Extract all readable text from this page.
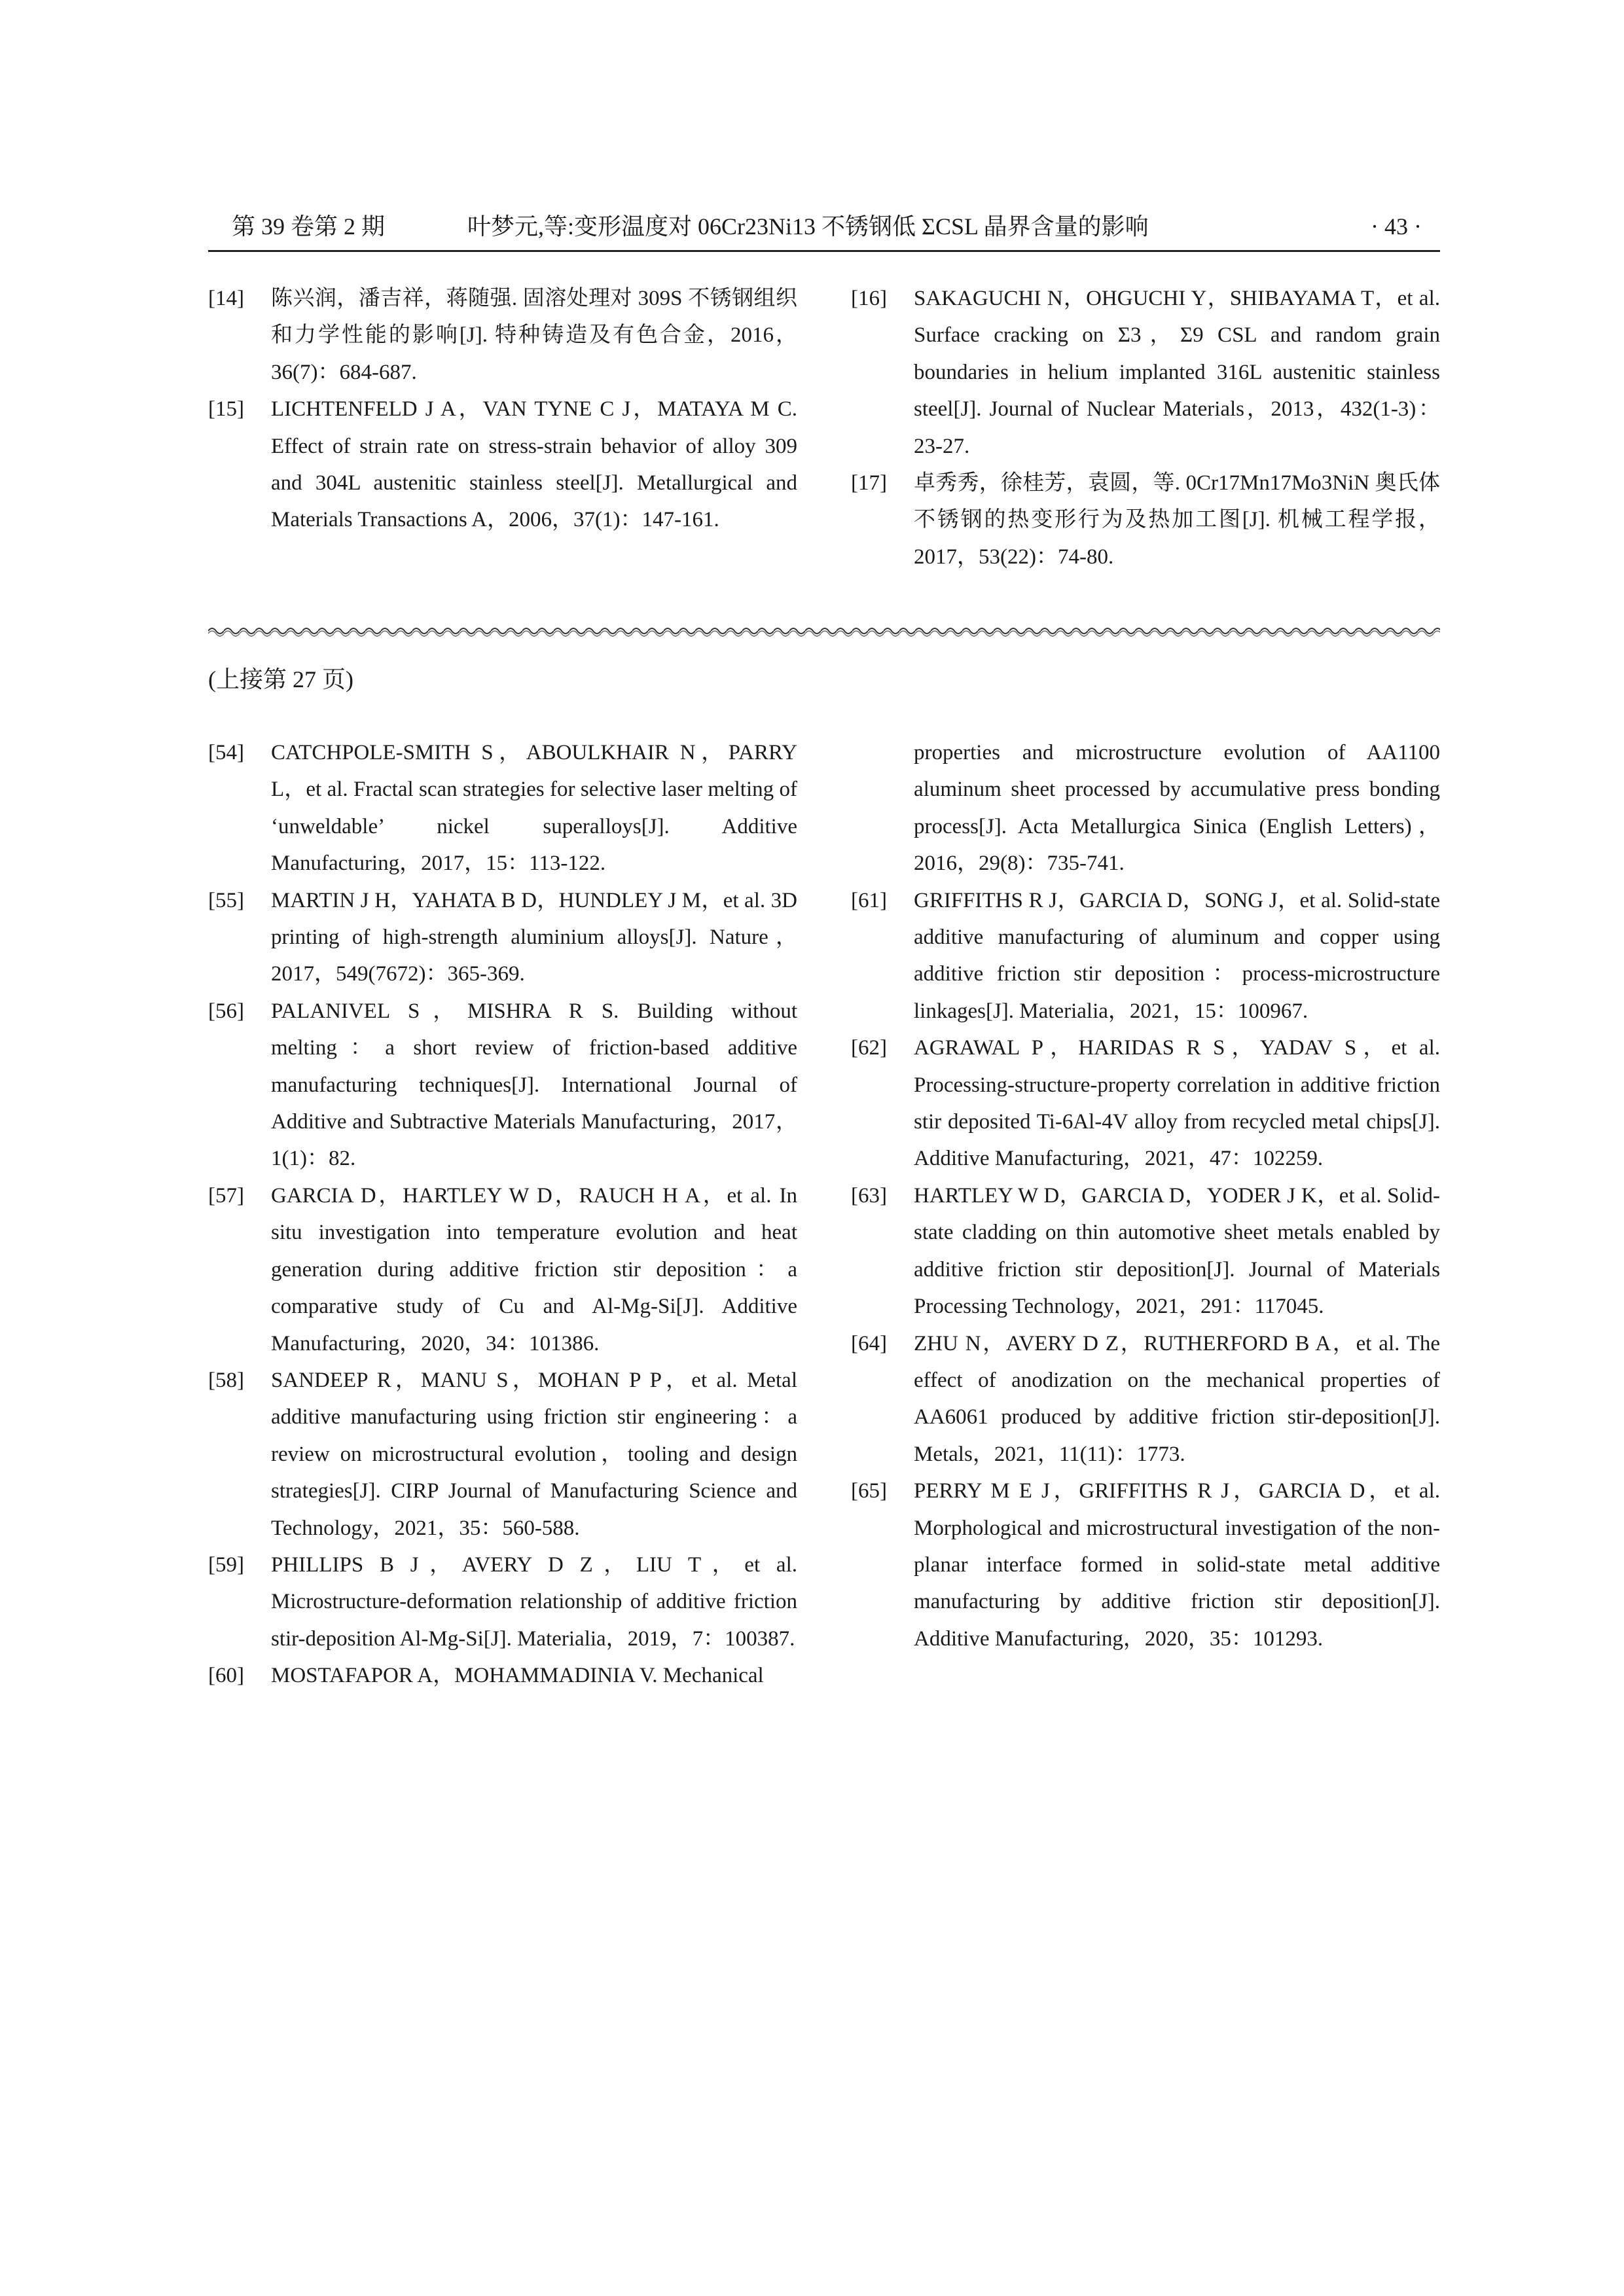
第 39 卷第 2 期	叶梦元,等:变形温度对 06Cr23Ni13 不锈钢低 ΣCSL 晶界含量的影响	· 43 ·
[14]	陈兴润，潘吉祥，蒋随强. 固溶处理对 309S 不锈钢组织和力学性能的影响[J]. 特种铸造及有色合金，2016，36(7)：684-687.
[15]	LICHTENFELD J A，VAN TYNE C J，MATAYA M C. Effect of strain rate on stress-strain behavior of alloy 309 and 304L austenitic stainless steel[J]. Metallurgical and Materials Transactions A，2006，37(1)：147-161.
[16]	SAKAGUCHI N，OHGUCHI Y，SHIBAYAMA T，et al. Surface cracking on Σ3，Σ9 CSL and random grain boundaries in helium implanted 316L austenitic stainless steel[J]. Journal of Nuclear Materials，2013，432(1-3)：23-27.
[17]	卓秀秀，徐桂芳，袁圆，等. 0Cr17Mn17Mo3NiN 奥氏体不锈钢的热变形行为及热加工图[J]. 机械工程学报，2017，53(22)：74-80.
(上接第 27 页)
[54]	CATCHPOLE-SMITH S，ABOULKHAIR N，PARRY L，et al. Fractal scan strategies for selective laser melting of ‘unweldable’ nickel superalloys[J]. Additive Manufacturing，2017，15：113-122.
[55]	MARTIN J H，YAHATA B D，HUNDLEY J M，et al. 3D printing of high-strength aluminium alloys[J]. Nature，2017，549(7672)：365-369.
[56]	PALANIVEL S，MISHRA R S. Building without melting：a short review of friction-based additive manufacturing techniques[J]. International Journal of Additive and Subtractive Materials Manufacturing，2017，1(1)：82.
[57]	GARCIA D，HARTLEY W D，RAUCH H A，et al. In situ investigation into temperature evolution and heat generation during additive friction stir deposition：a comparative study of Cu and Al-Mg-Si[J]. Additive Manufacturing，2020，34：101386.
[58]	SANDEEP R，MANU S，MOHAN P P，et al. Metal additive manufacturing using friction stir engineering：a review on microstructural evolution，tooling and design strategies[J]. CIRP Journal of Manufacturing Science and Technology，2021，35：560-588.
[59]	PHILLIPS B J，AVERY D Z，LIU T，et al. Microstructure-deformation relationship of additive friction stir-deposition Al-Mg-Si[J]. Materialia，2019，7：100387.
[60]	MOSTAFAPOR A，MOHAMMADINIA V. Mechanical
properties and microstructure evolution of AA1100 aluminum sheet processed by accumulative press bonding process[J]. Acta Metallurgica Sinica (English Letters)，2016，29(8)：735-741.
[61]	GRIFFITHS R J，GARCIA D，SONG J，et al. Solid-state additive manufacturing of aluminum and copper using additive friction stir deposition：process-microstructure linkages[J]. Materialia，2021，15：100967.
[62]	AGRAWAL P，HARIDAS R S，YADAV S，et al. Processing-structure-property correlation in additive friction stir deposited Ti-6Al-4V alloy from recycled metal chips[J]. Additive Manufacturing，2021，47：102259.
[63]	HARTLEY W D，GARCIA D，YODER J K，et al. Solid-state cladding on thin automotive sheet metals enabled by additive friction stir deposition[J]. Journal of Materials Processing Technology，2021，291：117045.
[64]	ZHU N，AVERY D Z，RUTHERFORD B A，et al. The effect of anodization on the mechanical properties of AA6061 produced by additive friction stir-deposition[J]. Metals，2021，11(11)：1773.
[65]	PERRY M E J，GRIFFITHS R J，GARCIA D，et al. Morphological and microstructural investigation of the non-planar interface formed in solid-state metal additive manufacturing by additive friction stir deposition[J]. Additive Manufacturing，2020，35：101293.
